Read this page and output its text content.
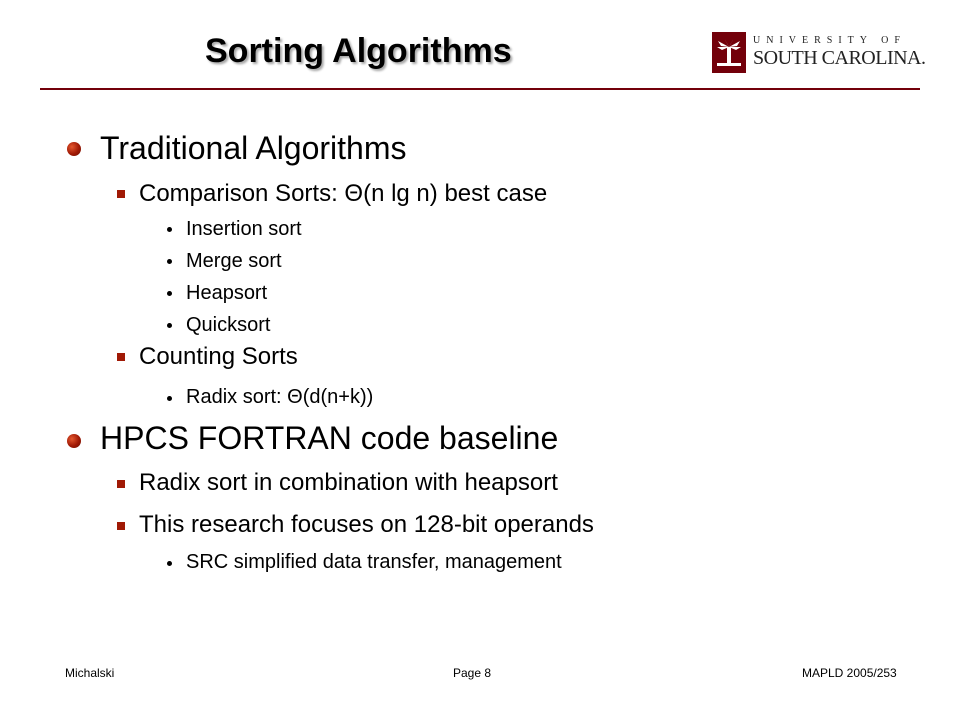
Sorting Algorithms	UNIVERSITY OF
SOUTH CAROLINA.
Traditional Algorithms
Comparison Sorts: Θ(n lg n) best case
Insertion sort
Merge sort
Heapsort
Quicksort
Counting Sorts
Radix sort: Θ(d(n+k))
HPCS FORTRAN code baseline
Radix sort in combination with heapsort
This research focuses on 128-bit operands
SRC simplified data transfer, management
Michalski	Page 8	MAPLD 2005/253
